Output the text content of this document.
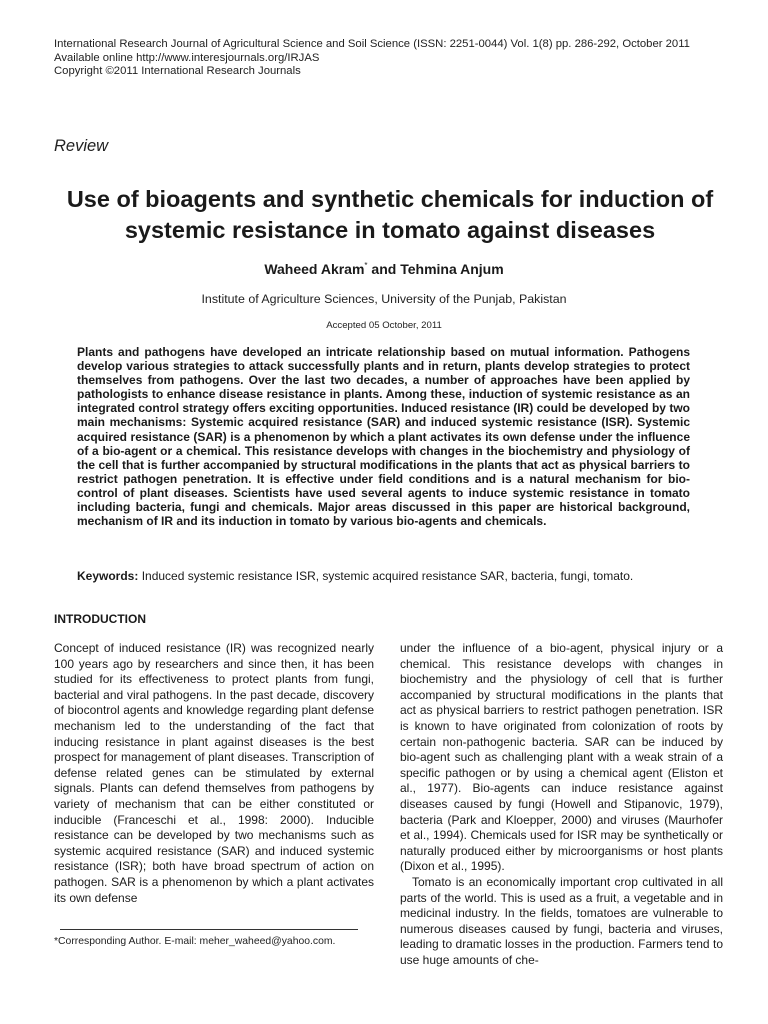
International Research Journal of Agricultural Science and Soil Science (ISSN: 2251-0044) Vol. 1(8) pp. 286-292, October 2011
Available online http://www.interesjournals.org/IRJAS
Copyright ©2011 International Research Journals
Review
Use of bioagents and synthetic chemicals for induction of systemic resistance in tomato against diseases
Waheed Akram* and Tehmina Anjum
Institute of Agriculture Sciences, University of the Punjab, Pakistan
Accepted 05 October, 2011
Plants and pathogens have developed an intricate relationship based on mutual information. Pathogens develop various strategies to attack successfully plants and in return, plants develop strategies to protect themselves from pathogens. Over the last two decades, a number of approaches have been applied by pathologists to enhance disease resistance in plants. Among these, induction of systemic resistance as an integrated control strategy offers exciting opportunities. Induced resistance (IR) could be developed by two main mechanisms: Systemic acquired resistance (SAR) and induced systemic resistance (ISR). Systemic acquired resistance (SAR) is a phenomenon by which a plant activates its own defense under the influence of a bio-agent or a chemical. This resistance develops with changes in the biochemistry and physiology of the cell that is further accompanied by structural modifications in the plants that act as physical barriers to restrict pathogen penetration. It is effective under field conditions and is a natural mechanism for bio-control of plant diseases. Scientists have used several agents to induce systemic resistance in tomato including bacteria, fungi and chemicals. Major areas discussed in this paper are historical background, mechanism of IR and its induction in tomato by various bio-agents and chemicals.
Keywords: Induced systemic resistance ISR, systemic acquired resistance SAR, bacteria, fungi, tomato.
INTRODUCTION
Concept of induced resistance (IR) was recognized nearly 100 years ago by researchers and since then, it has been studied for its effectiveness to protect plants from fungi, bacterial and viral pathogens. In the past decade, discovery of biocontrol agents and knowledge regarding plant defense mechanism led to the understanding of the fact that inducing resistance in plant against diseases is the best prospect for management of plant diseases. Transcription of defense related genes can be stimulated by external signals. Plants can defend themselves from pathogens by variety of mechanism that can be either constituted or inducible (Franceschi et al., 1998: 2000). Inducible resistance can be developed by two mechanisms such as systemic acquired resistance (SAR) and induced systemic resistance (ISR); both have broad spectrum of action on pathogen. SAR is a phenomenon by which a plant activates its own defense

under the influence of a bio-agent, physical injury or a chemical. This resistance develops with changes in biochemistry and the physiology of cell that is further accompanied by structural modifications in the plants that act as physical barriers to restrict pathogen penetration. ISR is known to have originated from colonization of roots by certain non-pathogenic bacteria. SAR can be induced by bio-agent such as challenging plant with a weak strain of a specific pathogen or by using a chemical agent (Eliston et al., 1977). Bio-agents can induce resistance against diseases caused by fungi (Howell and Stipanovic, 1979), bacteria (Park and Kloepper, 2000) and viruses (Maurhofer et al., 1994). Chemicals used for ISR may be synthetically or naturally produced either by microorganisms or host plants (Dixon et al., 1995).

Tomato is an economically important crop cultivated in all parts of the world. This is used as a fruit, a vegetable and in medicinal industry. In the fields, tomatoes are vulnerable to numerous diseases caused by fungi, bacteria and viruses, leading to dramatic losses in the production. Farmers tend to use huge amounts of che-

*Corresponding Author. E-mail: meher_waheed@yahoo.com.
